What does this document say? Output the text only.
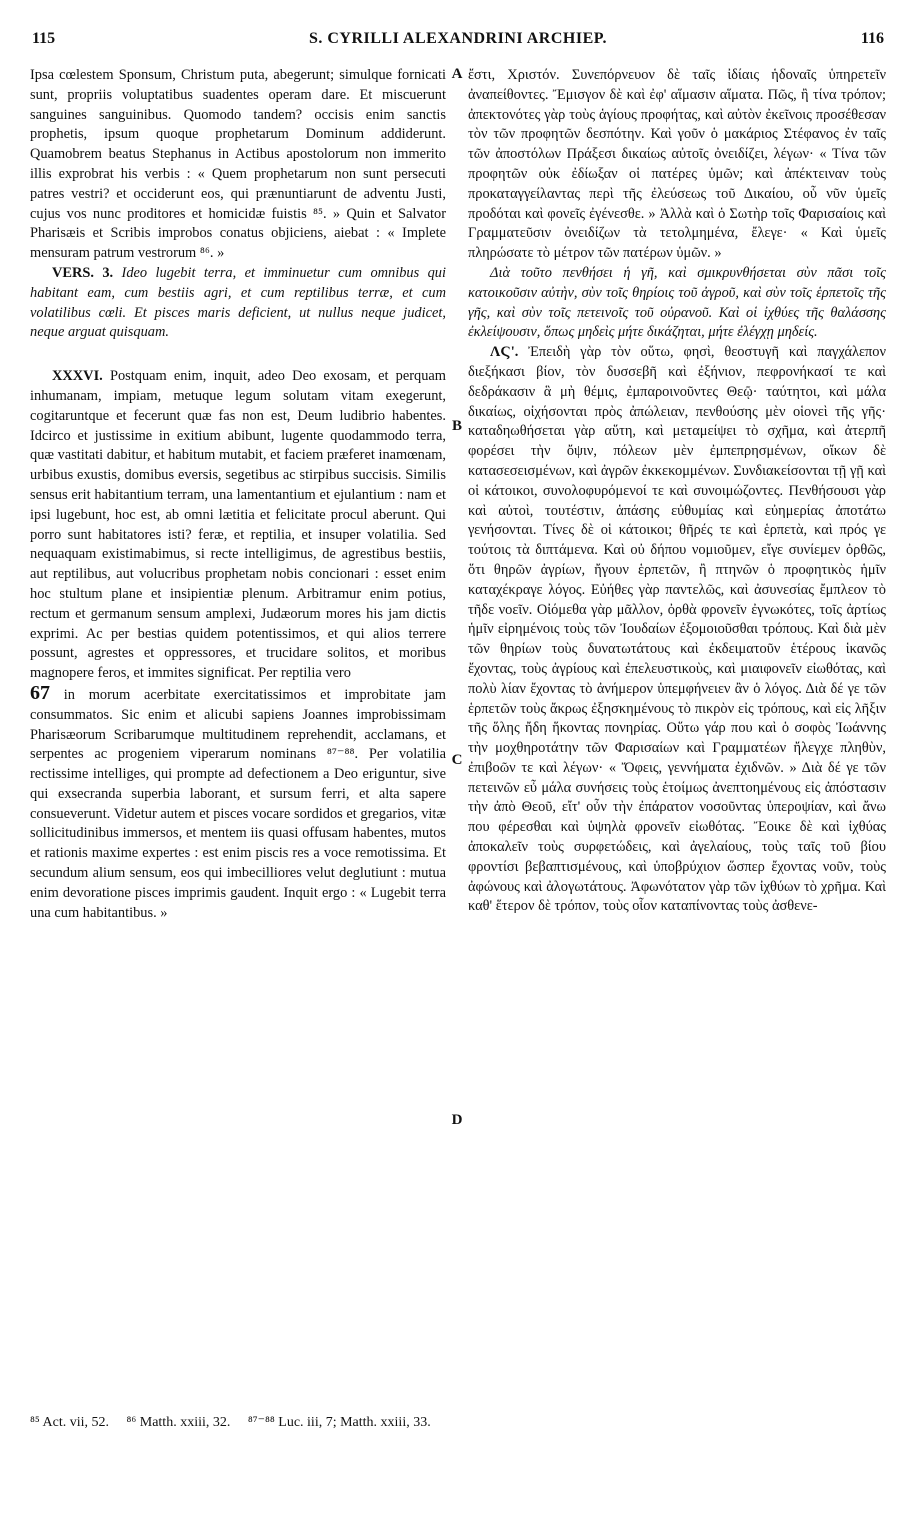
115	S. CYRILLI ALEXANDRINI ARCHIEP.	116

Ipsa cœlestem Sponsum, Christum puta, abegerunt; simulque fornicati sunt, propriis voluptatibus suadentes operam dare. Et miscuerunt sanguines sanguinibus. Quomodo tandem? occisis enim sanctis prophetis, ipsum quoque prophetarum Dominum addiderunt. Quamobrem beatus Stephanus in Actibus apostolorum non immerito illis exprobrat his verbis : « Quem prophetarum non sunt persecuti patres vestri? et occiderunt eos, qui prænuntiarunt de adventu Justi, cujus vos nunc proditores et homicidæ fuistis ⁸⁵. » Quin et Salvator Pharisæis et Scribis improbos conatus objiciens, aiebat : « Implete mensuram patrum vestrorum ⁸⁶. »

VERS. 3. Ideo lugebit terra, et imminuetur cum omnibus qui habitant eam, cum bestiis agri, et cum reptilibus terræ, et cum volatilibus cœli. Et pisces maris deficient, ut nullus neque judicet, neque arguat quisquam.

XXXVI. Postquam enim, inquit, adeo Deo exosam, et perquam inhumanam, impiam, metuque legum solutam vitam exegerunt, cogitaruntque et fecerunt quæ fas non est, Deum ludibrio habentes. Idcirco et justissime in exitium abibunt, lugente quodammodo terra, quæ vastitati dabitur, et habitum mutabit, et faciem præferet inamœnam, urbibus exustis, domibus eversis, segetibus ac stirpibus succisis. Similis sensus erit habitantium terram, una lamentantium et ejulantium : nam et ipsi lugebunt, hoc est, ab omni lætitia et felicitate procul aberunt. Qui porro sunt habitatores isti? feræ, et reptilia, et insuper volatilia. Sed nequaquam existimabimus, si recte intelligimus, de agrestibus bestiis, aut reptilibus, aut volucribus prophetam nobis concionari : esset enim hoc stultum plane et insipientiæ plenum. Arbitramur enim potius, rectum et germanum sensum amplexi, Judæorum mores his jam dictis exprimi. Ac per bestias quidem potentissimos, et qui alios terrere possunt, agrestes et oppressores, et trucidare solitos, et moribus magnopere feros, et immites significat. Per reptilia vero

67 in morum acerbitate exercitatissimos et improbitate jam consummatos. Sic enim et alicubi sapiens Joannes improbissimam Pharisæorum Scribarumque multitudinem reprehendit, acclamans, et serpentes ac progeniem viperarum nominans ⁸⁷⁻⁸⁸. Per volatilia rectissime intelliges, qui prompte ad defectionem a Deo eriguntur, sive qui exsecranda superbia laborant, et sursum ferri, et alta sapere consueverunt. Videtur autem et pisces vocare sordidos et gregarios, vitæ sollicitudinibus immersos, et mentem iis quasi offusam habentes, mutos et rationis maxime expertes : est enim piscis res a voce remotissima. Et secundum alium sensum, eos qui imbecilliores velut deglutiunt : mutua enim devoratione pisces imprimis gaudent. Inquit ergo : « Lugebit terra una cum habitantibus. »

A
B
C
D

ἔστι, Χριστόν. Συνεπόρνευον δὲ ταῖς ἰδίαις ἡδοναῖς ὑπηρετεῖν ἀναπείθοντες. Ἔμισγον δὲ καὶ ἐφ' αἵμασιν αἵματα. Πῶς, ἢ τίνα τρόπον; ἀπεκτονότες γὰρ τοὺς ἁγίους προφήτας, καὶ αὐτὸν ἐκεῖνοις προσέθεσαν τὸν τῶν προφητῶν δεσπότην. Καὶ γοῦν ὁ μακάριος Στέφανος ἐν ταῖς τῶν ἀποστόλων Πράξεσι δικαίως αὐτοῖς ὀνειδίζει, λέγων· « Τίνα τῶν προφητῶν οὐκ ἐδίωξαν οἱ πατέρες ὑμῶν; καὶ ἀπέκτειναν τοὺς προκαταγγείλαντας περὶ τῆς ἐλεύσεως τοῦ Δικαίου, οὗ νῦν ὑμεῖς προδόται καὶ φονεῖς ἐγένεσθε. » Ἀλλὰ καὶ ὁ Σωτὴρ τοῖς Φαρισαίοις καὶ Γραμματεῦσιν ὀνειδίζων τὰ τετολμημένα, ἔλεγε· « Καὶ ὑμεῖς πληρώσατε τὸ μέτρον τῶν πατέρων ὑμῶν. »

Διὰ τοῦτο πενθήσει ἡ γῆ, καὶ σμικρυνθήσεται σὺν πᾶσι τοῖς κατοικοῦσιν αὐτὴν, σὺν τοῖς θηρίοις τοῦ ἀγροῦ, καὶ σὺν τοῖς ἑρπετοῖς τῆς γῆς, καὶ σὺν τοῖς πετεινοῖς τοῦ οὐρανοῦ. Καὶ οἱ ἰχθύες τῆς θαλάσσης ἐκλείψουσιν, ὅπως μηδεὶς μήτε δικάζηται, μήτε ἐλέγχῃ μηδείς.

ΛϚ'. Ἐπειδὴ γὰρ τὸν οὕτω, φησὶ, θεοστυγῆ καὶ παγχάλεπον διεξήκασι βίον, τὸν δυσσεβῆ καὶ ἐξήνιον, πεφρονήκασί τε καὶ δεδράκασιν ἃ μὴ θέμις, ἐμπαροινοῦντες Θεῷ· ταύτητοι, καὶ μάλα δικαίως, οἰχήσονται πρὸς ἀπώλειαν, πενθούσης μὲν οἱονεὶ τῆς γῆς· καταδηωθήσεται γὰρ αὕτη, καὶ μεταμείψει τὸ σχῆμα, καὶ ἀτερπῆ φορέσει τὴν ὄψιν, πόλεων μὲν ἐμπεπρησμένων, οἴκων δὲ κατασεσεισμένων, καὶ ἀγρῶν ἐκκεκομμένων. Συνδιακείσονται τῇ γῇ καὶ οἱ κάτοικοι, συνολοφυρόμενοί τε καὶ συνοιμώζοντες. Πενθήσουσι γὰρ καὶ αὐτοὶ, τουτέστιν, ἁπάσης εὐθυμίας καὶ εὐημερίας ἀποτάτω γενήσονται. Τίνες δὲ οἱ κάτοικοι; θῆρές τε καὶ ἑρπετὰ, καὶ πρός γε τούτοις τὰ διπτάμενα. Καὶ οὐ δήπου νομιοῦμεν, εἴγε συνίεμεν ὀρθῶς, ὅτι θηρῶν ἀγρίων, ἤγουν ἑρπετῶν, ἢ πτηνῶν ὁ προφητικὸς ἡμῖν καταχέκραγε λόγος. Εὐήθες γὰρ παντελῶς, καὶ ἀσυνεσίας ἔμπλεον τὸ τῆδε νοεῖν. Οἰόμεθα γὰρ μᾶλλον, ὀρθὰ φρονεῖν ἐγνωκότες, τοῖς ἀρτίως ἡμῖν εἰρημένοις τοὺς τῶν Ἰουδαίων ἐξομοιοῦσθαι τρόπους. Καὶ διὰ μὲν τῶν θηρίων τοὺς δυνατωτάτους καὶ ἐκδειματοῦν ἑτέρους ἱκανῶς ἔχοντας, τοὺς ἀγρίους καὶ ἐπελευστικοὺς, καὶ μιαιφονεῖν εἰωθότας, καὶ πολὺ λίαν ἔχοντας τὸ ἀνήμερον ὑπεμφήνειεν ἂν ὁ λόγος. Διὰ δέ γε τῶν ἑρπετῶν τοὺς ἄκρως ἐξησκημένους τὸ πικρὸν εἰς τρόπους, καὶ εἰς λῆξιν τῆς ὅλης ἤδη ἥκοντας πονηρίας. Οὕτω γάρ που καὶ ὁ σοφὸς Ἰωάννης τὴν μοχθηροτάτην τῶν Φαρισαίων καὶ Γραμματέων ἤλεγχε πληθὺν, ἐπιβοῶν τε καὶ λέγων· « Ὄφεις, γεννήματα ἐχιδνῶν. » Διὰ δέ γε τῶν πετεινῶν εὖ μάλα συνήσεις τοὺς ἑτοίμως ἀνεπτοημένους εἰς ἀπόστασιν τὴν ἀπὸ Θεοῦ, εἴτ' οὖν τὴν ἐπάρατον νοσοῦντας ὑπεροψίαν, καὶ ἄνω που φέρεσθαι καὶ ὑψηλὰ φρονεῖν εἰωθότας. Ἔοικε δὲ καὶ ἰχθύας ἀποκαλεῖν τοὺς συρφετώδεις, καὶ ἀγελαίους, τοὺς ταῖς τοῦ βίου φροντίσι βεβαπτισμένους, καὶ ὑποβρύχιον ὥσπερ ἔχοντας νοῦν, τοὺς ἀφώνους καὶ ἀλογωτάτους. Ἀφωνότατον γὰρ τῶν ἰχθύων τὸ χρῆμα. Καὶ καθ' ἕτερον δὲ τρόπον, τοὺς οἷον καταπίνοντας τοὺς ἀσθενε-

⁸⁵ Act. vii, 52. ⁸⁶ Matth. xxiii, 32. ⁸⁷⁻⁸⁸ Luc. iii, 7; Matth. xxiii, 33.
